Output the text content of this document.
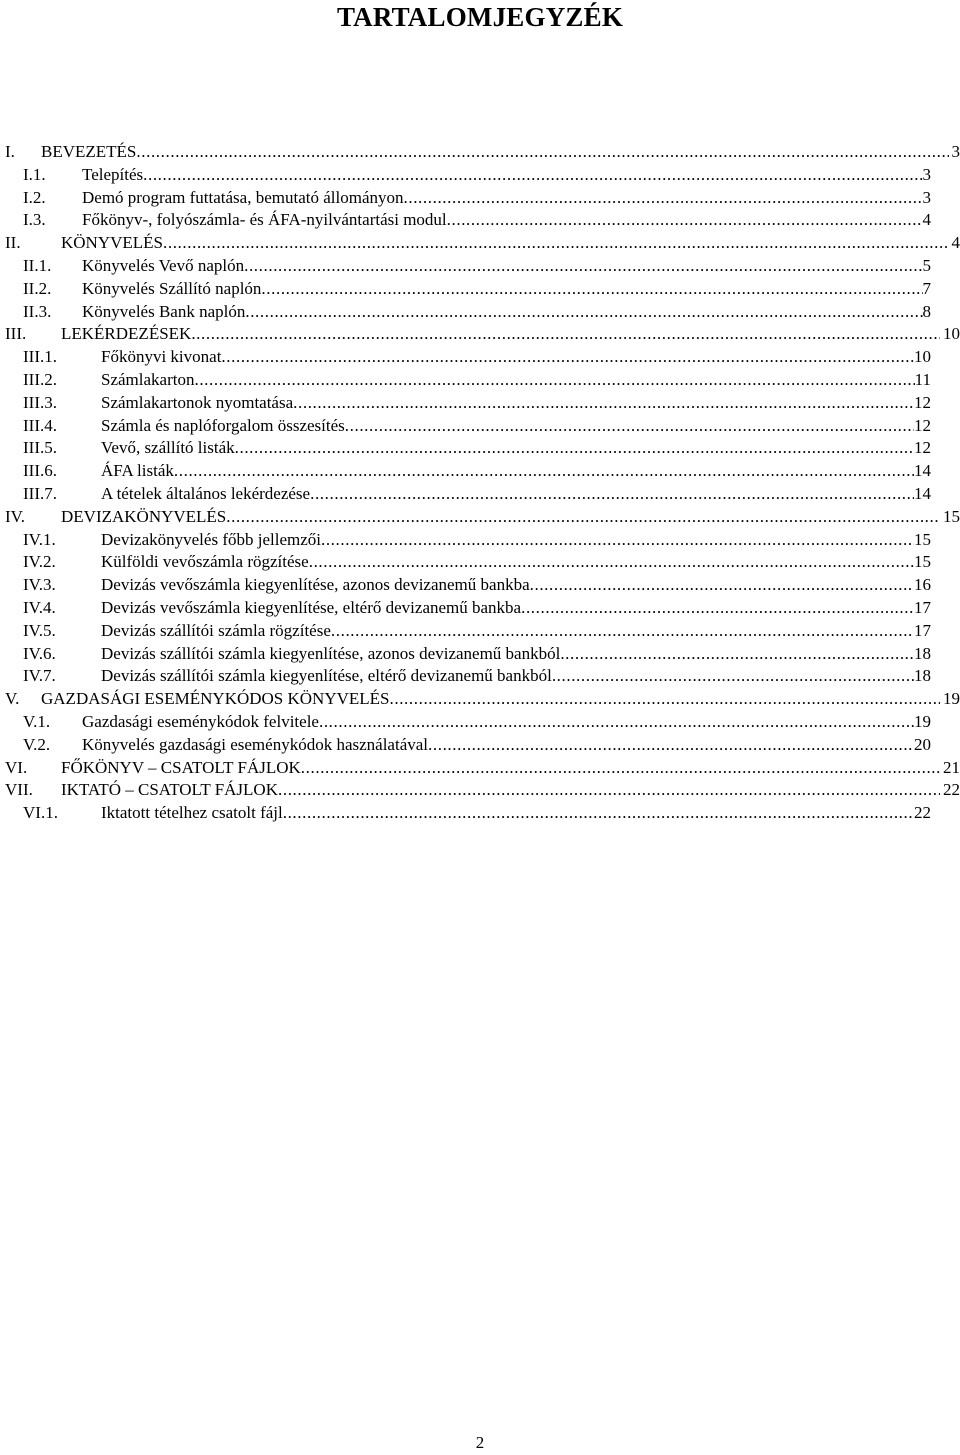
TARTALOMJEGYZÉK
I. BEVEZETÉS .....	3
I.1. Telepítés .....	3
I.2. Demó program futtatása, bemutató állományon .....	3
I.3. Főkönyv-, folyószámla- és ÁFA-nyilvántartási modul .....	4
II. KÖNYVELÉS .....	4
II.1. Könyvelés Vevő naplón .....	5
II.2. Könyvelés Szállító naplón .....	7
II.3. Könyvelés Bank naplón .....	8
III. LEKÉRDEZÉSEK .....	10
III.1.	Főkönyvi kivonat .....	10
III.2.	Számlakarton .....	11
III.3.	Számlakartonok nyomtatása .....	12
III.4.	Számla és naplóforgalom összesítés .....	12
III.5.	Vevő, szállító listák .....	12
III.6.	ÁFA listák .....	14
III.7.	A tételek általános lekérdezése .....	14
IV. DEVIZAKÖNYVELÉS .....	15
IV.1.	Devizakönyvelés főbb jellemzői .....	15
IV.2.	Külföldi vevőszámla rögzítése .....	15
IV.3.	Devizás vevőszámla kiegyenlítése, azonos devizanemű bankba .....	16
IV.4.	Devizás vevőszámla kiegyenlítése, eltérő devizanemű bankba .....	17
IV.5.	Devizás szállítói számla rögzítése .....	17
IV.6.	Devizás szállítói számla kiegyenlítése, azonos devizanemű bankból .....	18
IV.7.	Devizás szállítói számla kiegyenlítése, eltérő devizanemű bankból .....	18
V. GAZDASÁGI ESEMÉNYKÓDOS KÖNYVELÉS .....	19
V.1. Gazdasági eseménykódok felvitele .....	19
V.2. Könyvelés gazdasági eseménykódok használatával .....	20
VI. FŐKÖNYV – CSATOLT FÁJLOK .....	21
VII. IKTATÓ – CSATOLT FÁJLOK .....	22
VI.1.	Iktatott tételhez csatolt fájl .....	22
2
